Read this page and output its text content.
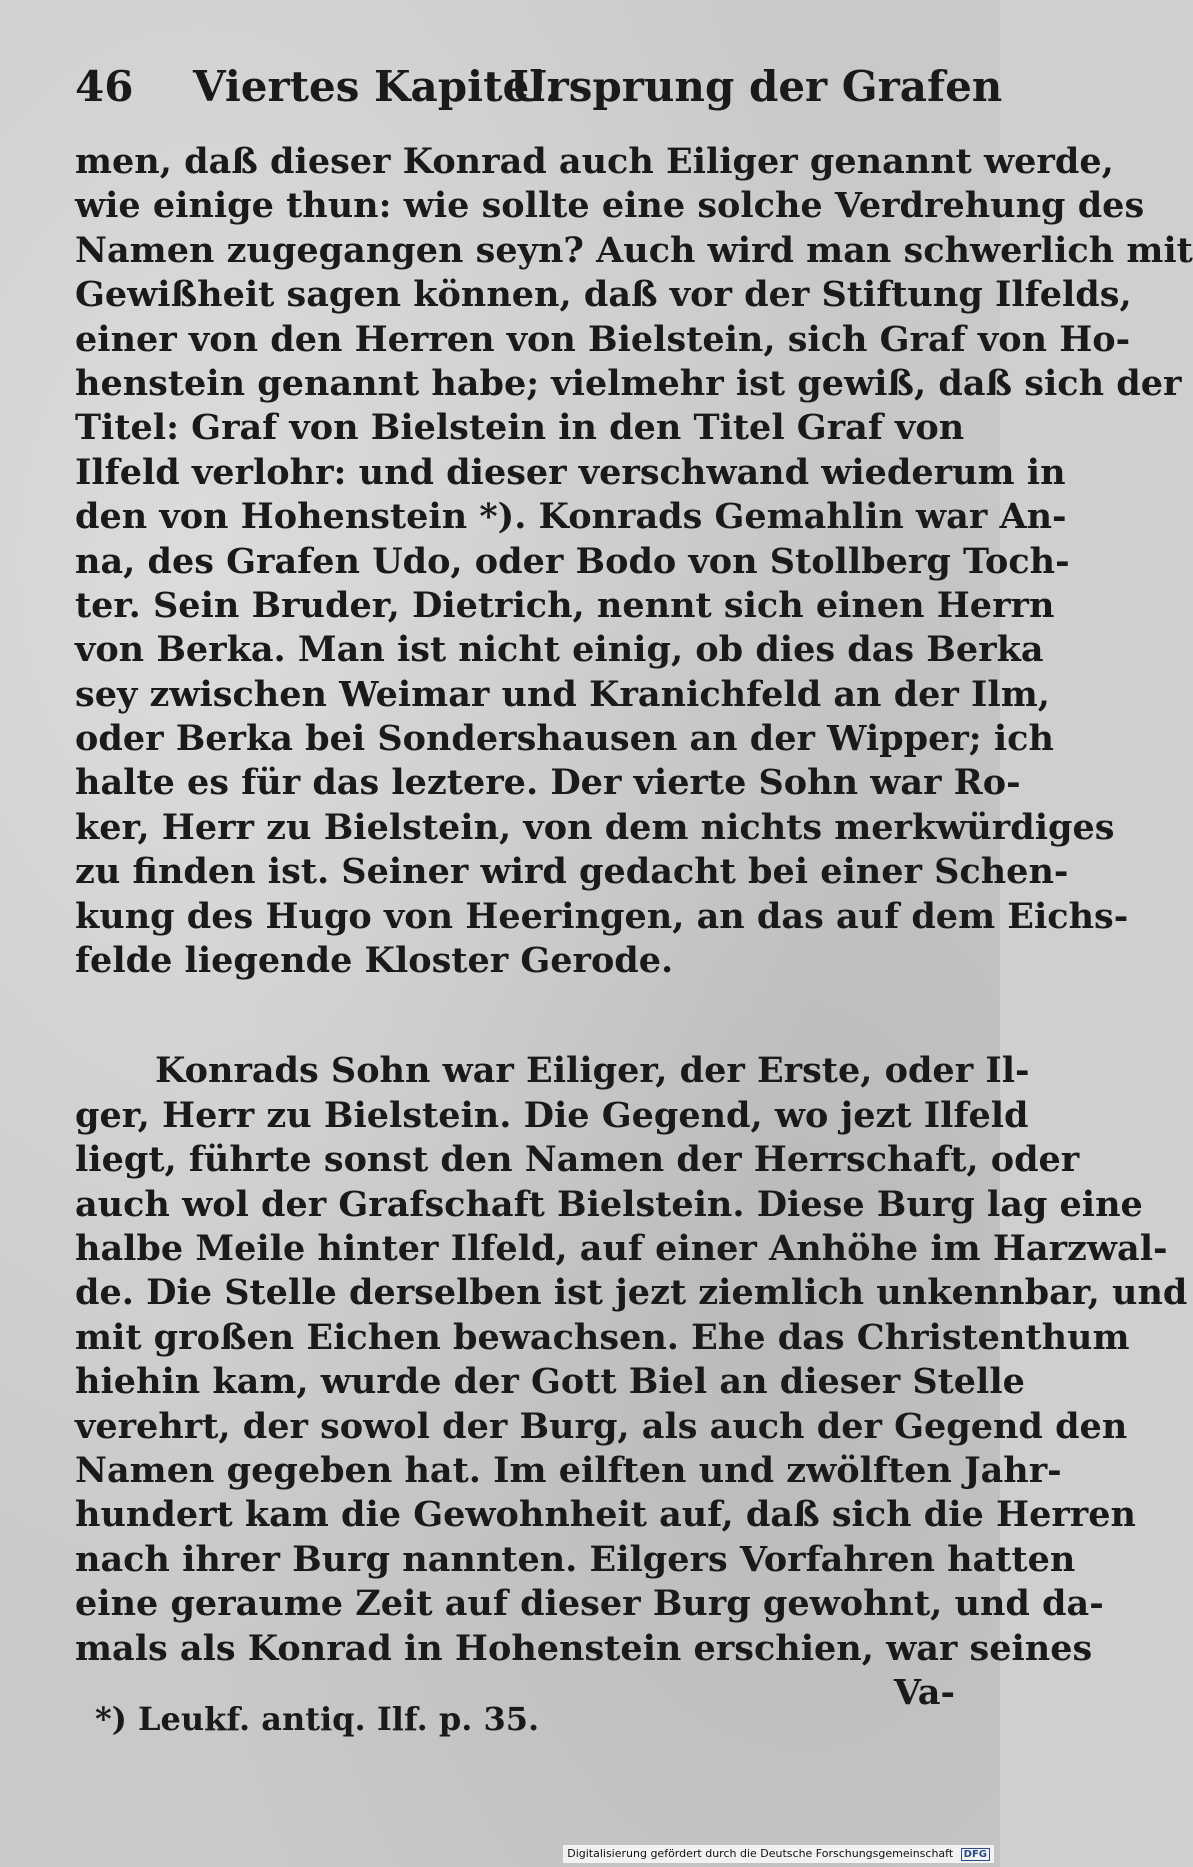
46 Viertes Kapitel.
Ursprung der Grafen
men, daß dieser Konrad auch Eiliger genannt werde,
wie einige thun: wie sollte eine solche Verdrehung des
Namen zugegangen seyn? Auch wird man schwerlich mit
Gewißheit sagen können, daß vor der Stiftung Ilfelds,
einer von den Herren von Bielstein, sich Graf von Ho-
henstein genannt habe; vielmehr ist gewiß, daß sich der
Titel: Graf von Bielstein in den Titel Graf von
Ilfeld verlohr: und dieser verschwand wiederum in
den von Hohenstein *). Konrads Gemahlin war An-
na, des Grafen Udo, oder Bodo von Stollberg Toch-
ter. Sein Bruder, Dietrich, nennt sich einen Herrn
von Berka. Man ist nicht einig, ob dies das Berka
sey zwischen Weimar und Kranichfeld an der Ilm,
oder Berka bei Sondershausen an der Wipper; ich
halte es für das leztere. Der vierte Sohn war Ro-
ker, Herr zu Bielstein, von dem nichts merkwürdiges
zu finden ist. Seiner wird gedacht bei einer Schen-
kung des Hugo von Heeringen, an das auf dem Eichs-
felde liegende Kloster Gerode.
Konrads Sohn war Eiliger, der Erste, oder Il-
ger, Herr zu Bielstein. Die Gegend, wo jezt Ilfeld
liegt, führte sonst den Namen der Herrschaft, oder
auch wol der Grafschaft Bielstein. Diese Burg lag eine
halbe Meile hinter Ilfeld, auf einer Anhöhe im Harzwal-
de. Die Stelle derselben ist jezt ziemlich unkennbar, und
mit großen Eichen bewachsen. Ehe das Christenthum
hiehin kam, wurde der Gott Biel an dieser Stelle
verehrt, der sowol der Burg, als auch der Gegend den
Namen gegeben hat. Im eilften und zwölften Jahr-
hundert kam die Gewohnheit auf, daß sich die Herren
nach ihrer Burg nannten. Eilgers Vorfahren hatten
eine geraume Zeit auf dieser Burg gewohnt, und da-
mals als Konrad in Hohenstein erschien, war seines
Va-
*) Leukf. antiq. Ilf. p. 35.
Digitalisierung gefördert durch die Deutsche Forschungsgemeinschaft DFG
